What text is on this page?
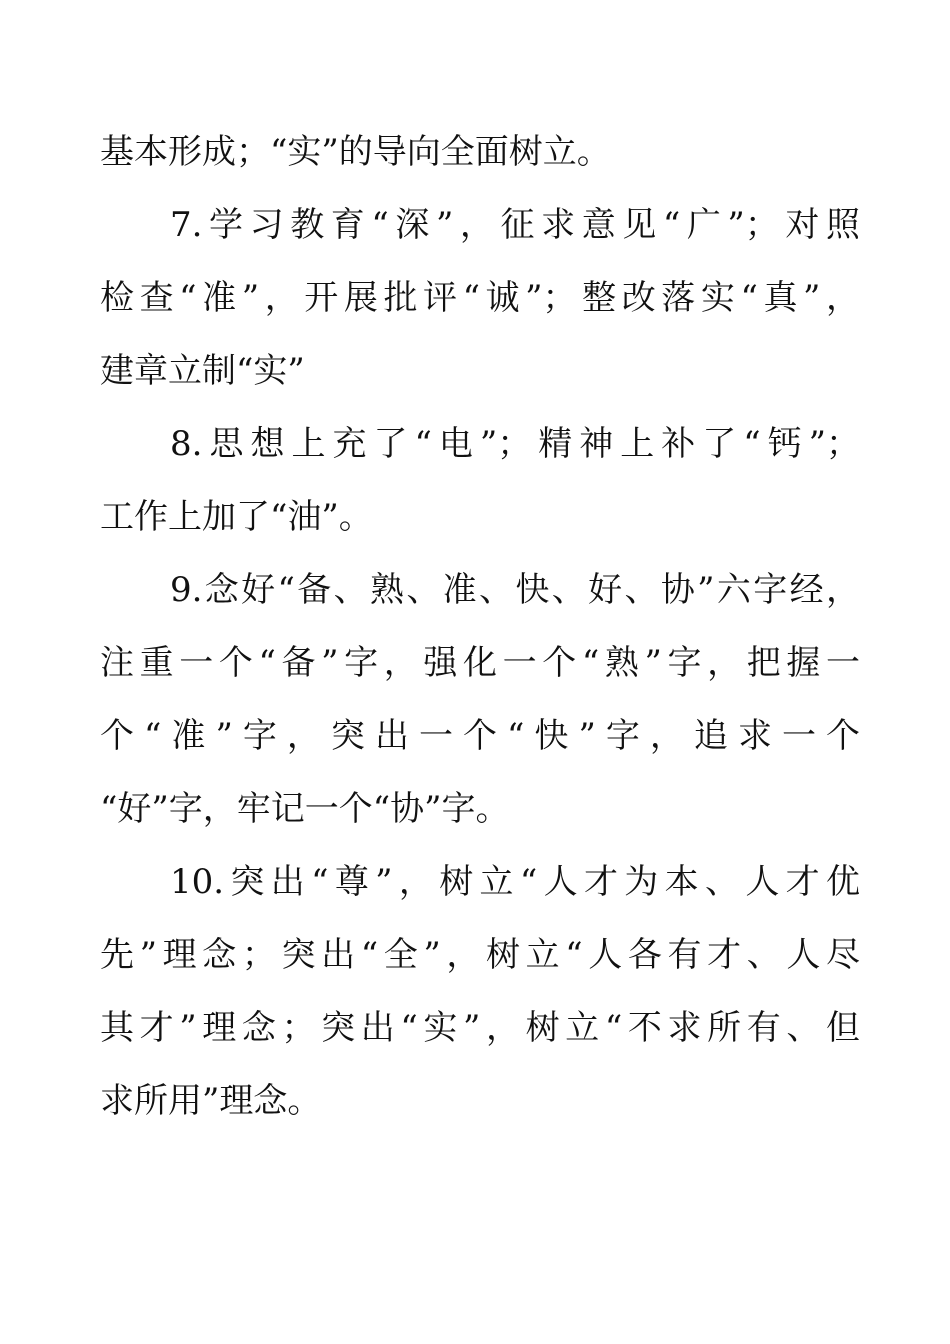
基本形成；“实”的导向全面树立。
7.学习教育“深”，征求意见“广”；对照
检查“准”，开展批评“诚”；整改落实“真”，
建章立制“实”
8.思想上充了“电”；精神上补了“钙”；
工作上加了“油”。
9.念好“备、熟、准、快、好、协”六字经，
注重一个“备”字，强化一个“熟”字，把握一
个“准”字，突出一个“快”字，追求一个
“好”字，牢记一个“协”字。
10.突出“尊”，树立“人才为本、人才优
先”理念；突出“全”，树立“人各有才、人尽
其才”理念；突出“实”，树立“不求所有、但
求所用”理念。
